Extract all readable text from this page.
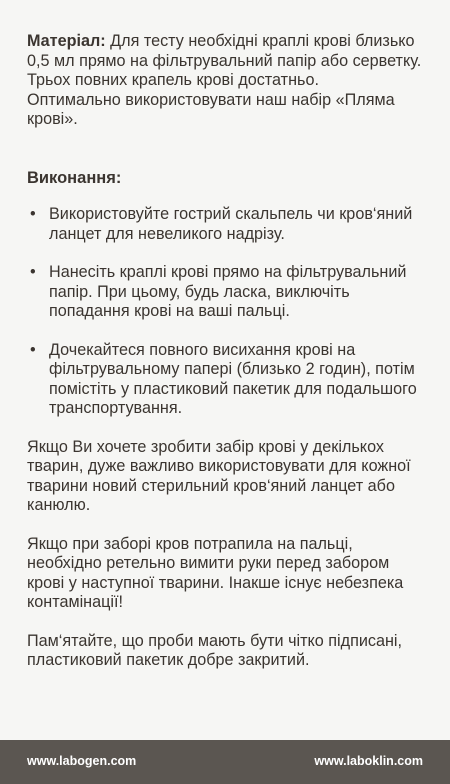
Матеріал: Для тесту необхідні краплі крові близько 0,5 мл прямо на фільтрувальний папір або серветку. Трьох повних крапель крові достатньо.

Оптимально використовувати наш набір «Пляма крові».

Виконання:

• Використовуйте гострий скальпель чи кров‘яний ланцет для невеликого надрізу.
• Нанесіть краплі крові прямо на фільтрувальний папір. При цьому, будь ласка, виключіть попадання крові на ваші пальці.
• Дочекайтеся повного висихання крові на фільтрувальному папері (близько 2 годин), потім помістіть у пластиковий пакетик для подальшого транспортування.

Якщо Ви хочете зробити забір крові у декількох тварин, дуже важливо використовувати для кожної тварини новий стерильний кров‘яний ланцет або канюлю.

Якщо при заборі кров потрапила на пальці, необхідно ретельно вимити руки перед забором крові у наступної тварини. Інакше існує небезпека контамінації!

Пам‘ятайте, що проби мають бути чітко підписані, пластиковий пакетик добре закритий.

www.labogen.com	www.laboklin.com
